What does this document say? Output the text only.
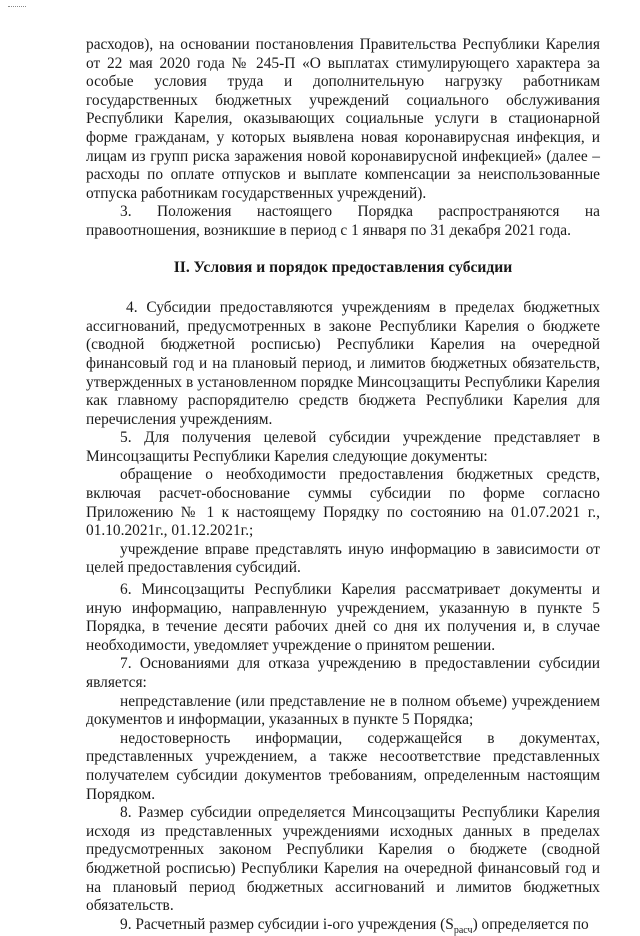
расходов), на основании постановления Правительства Республики Карелия от 22 мая 2020 года № 245-П «О выплатах стимулирующего характера за особые условия труда и дополнительную нагрузку работникам государственных бюджетных учреждений социального обслуживания Республики Карелия, оказывающих социальные услуги в стационарной форме гражданам, у которых выявлена новая коронавирусная инфекция, и лицам из групп риска заражения новой коронавирусной инфекцией» (далее – расходы по оплате отпусков и выплате компенсации за неиспользованные отпуска работникам государственных учреждений).

3. Положения настоящего Порядка распространяются на правоотношения, возникшие в период с 1 января по 31 декабря 2021 года.

II. Условия и порядок предоставления субсидии

4. Субсидии предоставляются учреждениям в пределах бюджетных ассигнований, предусмотренных в законе Республики Карелия о бюджете (сводной бюджетной росписью) Республики Карелия на очередной финансовый год и на плановый период, и лимитов бюджетных обязательств, утвержденных в установленном порядке Минсоцзащиты Республики Карелия как главному распорядителю средств бюджета Республики Карелия для перечисления учреждениям.

5. Для получения целевой субсидии учреждение представляет в Минсоцзащиты Республики Карелия следующие документы:

обращение о необходимости предоставления бюджетных средств, включая расчет-обоснование суммы субсидии по форме согласно Приложению № 1 к настоящему Порядку по состоянию на 01.07.2021 г., 01.10.2021г., 01.12.2021г.;

учреждение вправе представлять иную информацию в зависимости от целей предоставления субсидий.

6. Минсоцзащиты Республики Карелия рассматривает документы и иную информацию, направленную учреждением, указанную в пункте 5 Порядка, в течение десяти рабочих дней со дня их получения и, в случае необходимости, уведомляет учреждение о принятом решении.

7. Основаниями для отказа учреждению в предоставлении субсидии является:

непредставление (или представление не в полном объеме) учреждением документов и информации, указанных в пункте 5 Порядка;

недостоверность информации, содержащейся в документах, представленных учреждением, а также несоответствие представленных получателем субсидии документов требованиям, определенным настоящим Порядком.

8. Размер субсидии определяется Минсоцзащиты Республики Карелия исходя из представленных учреждениями исходных данных в пределах предусмотренных законом Республики Карелия о бюджете (сводной бюджетной росписью) Республики Карелия на очередной финансовый год и на плановый период бюджетных ассигнований и лимитов бюджетных обязательств.

9. Расчетный размер субсидии i-ого учреждения $(S_{расч})$ определяется по
